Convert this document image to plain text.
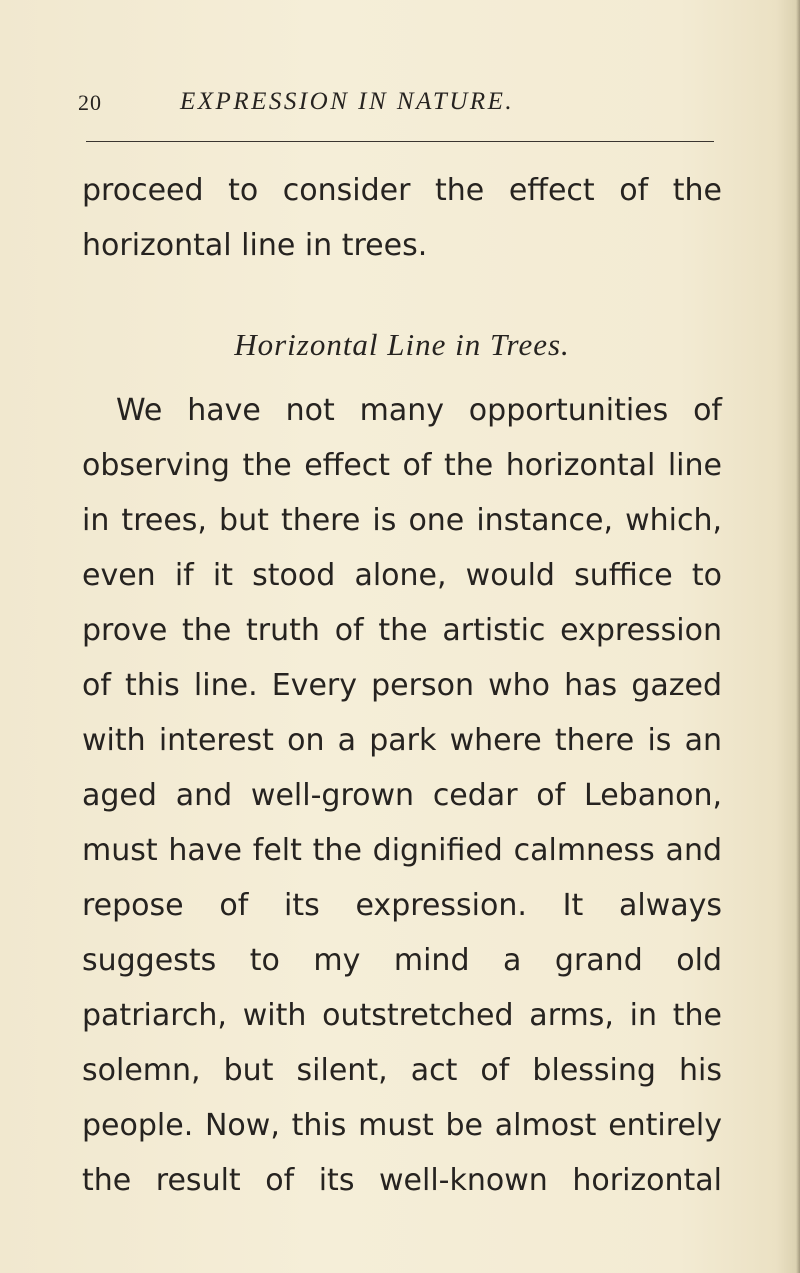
20	EXPRESSION IN NATURE.

proceed to consider the effect of the horizontal line in trees.

Horizontal Line in Trees.

We have not many opportunities of observing the effect of the horizontal line in trees, but there is one instance, which, even if it stood alone, would suffice to prove the truth of the artistic expression of this line. Every person who has gazed with interest on a park where there is an aged and well-grown cedar of Lebanon, must have felt the dignified calmness and repose of its expression. It always suggests to my mind a grand old patriarch, with outstretched arms, in the solemn, but silent, act of blessing his people. Now, this must be almost entirely the result of its well-known horizontal
